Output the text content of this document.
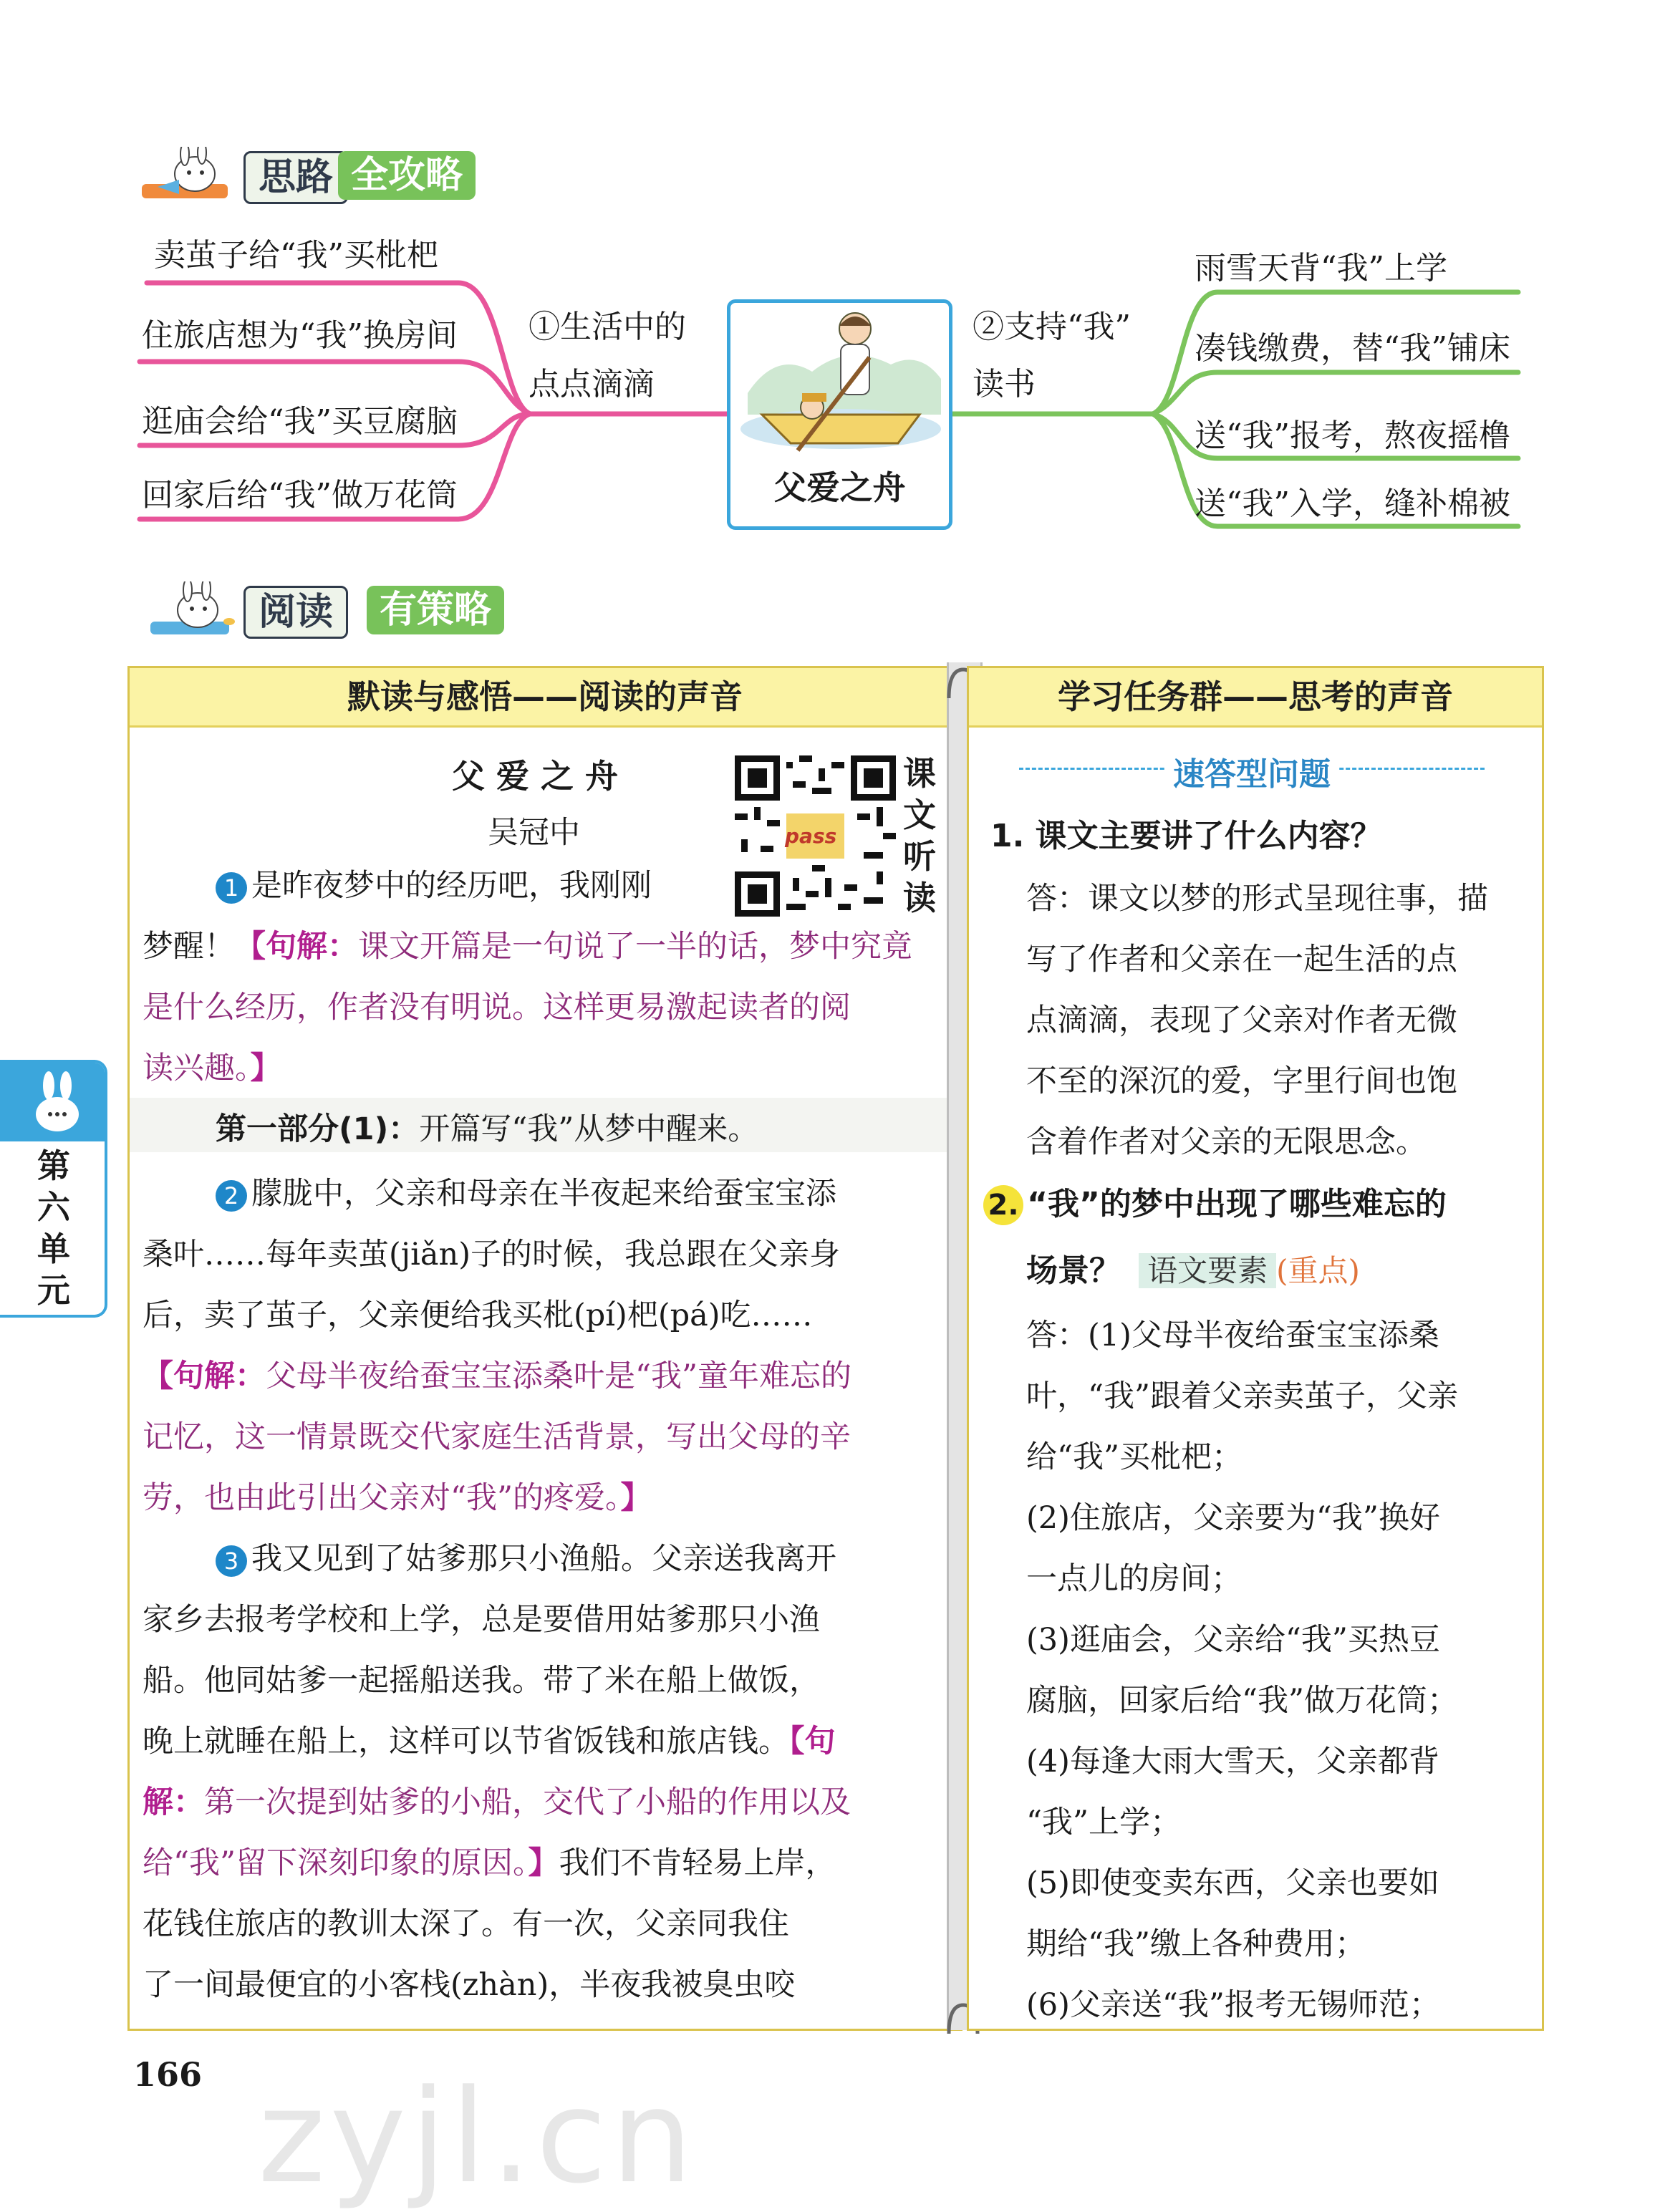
思路 全攻略
卖茧子给“我”买枇杷
住旅店想为“我”换房间
逛庙会给“我”买豆腐脑
回家后给“我”做万花筒
①生活中的
点点滴滴
父爱之舟
②支持“我”
读书
雨雪天背“我”上学
凑钱缴费，替“我”铺床
送“我”报考，熬夜摇橹
送“我”入学，缝补棉被
阅读	有策略
默读与感悟——阅读的声音
父 爱 之 舟
吴冠中	pass
课
文
听
读
1 是昨夜梦中的经历吧，我刚刚
梦醒！【句解：课文开篇是一句说了一半的话，梦中究竟
是什么经历，作者没有明说。这样更易激起读者的阅
读兴趣。】
第一部分(1)：开篇写“我”从梦中醒来。
2 朦胧中，父亲和母亲在半夜起来给蚕宝宝添
桑叶……每年卖茧(jiǎn)子的时候，我总跟在父亲身
后，卖了茧子，父亲便给我买枇(pí)杷(pá)吃……
【句解：父母半夜给蚕宝宝添桑叶是“我”童年难忘的
记忆，这一情景既交代家庭生活背景，写出父母的辛
劳，也由此引出父亲对“我”的疼爱。】
3 我又见到了姑爹那只小渔船。父亲送我离开
家乡去报考学校和上学，总是要借用姑爹那只小渔
船。他同姑爹一起摇船送我。带了米在船上做饭，
晚上就睡在船上，这样可以节省饭钱和旅店钱。【句
解：第一次提到姑爹的小船，交代了小船的作用以及
给“我”留下深刻印象的原因。】我们不肯轻易上岸，
花钱住旅店的教训太深了。有一次，父亲同我住
了一间最便宜的小客栈(zhàn)，半夜我被臭虫咬
学习任务群——思考的声音
速答型问题
1. 课文主要讲了什么内容？
答：课文以梦的形式呈现往事，描
写了作者和父亲在一起生活的点
点滴滴，表现了父亲对作者无微
不至的深沉的爱，字里行间也饱
含着作者对父亲的无限思念。
2. “我”的梦中出现了哪些难忘的
场景？ 语文要素 (重点)
答：(1)父母半夜给蚕宝宝添桑
叶，“我”跟着父亲卖茧子，父亲
给“我”买枇杷；
(2)住旅店，父亲要为“我”换好
一点儿的房间；
(3)逛庙会，父亲给“我”买热豆
腐脑，回家后给“我”做万花筒；
(4)每逢大雨大雪天，父亲都背
“我”上学；
(5)即使变卖东西，父亲也要如
期给“我”缴上各种费用；
(6)父亲送“我”报考无锡师范；
第
六
单
元
166 zyjl.cn
